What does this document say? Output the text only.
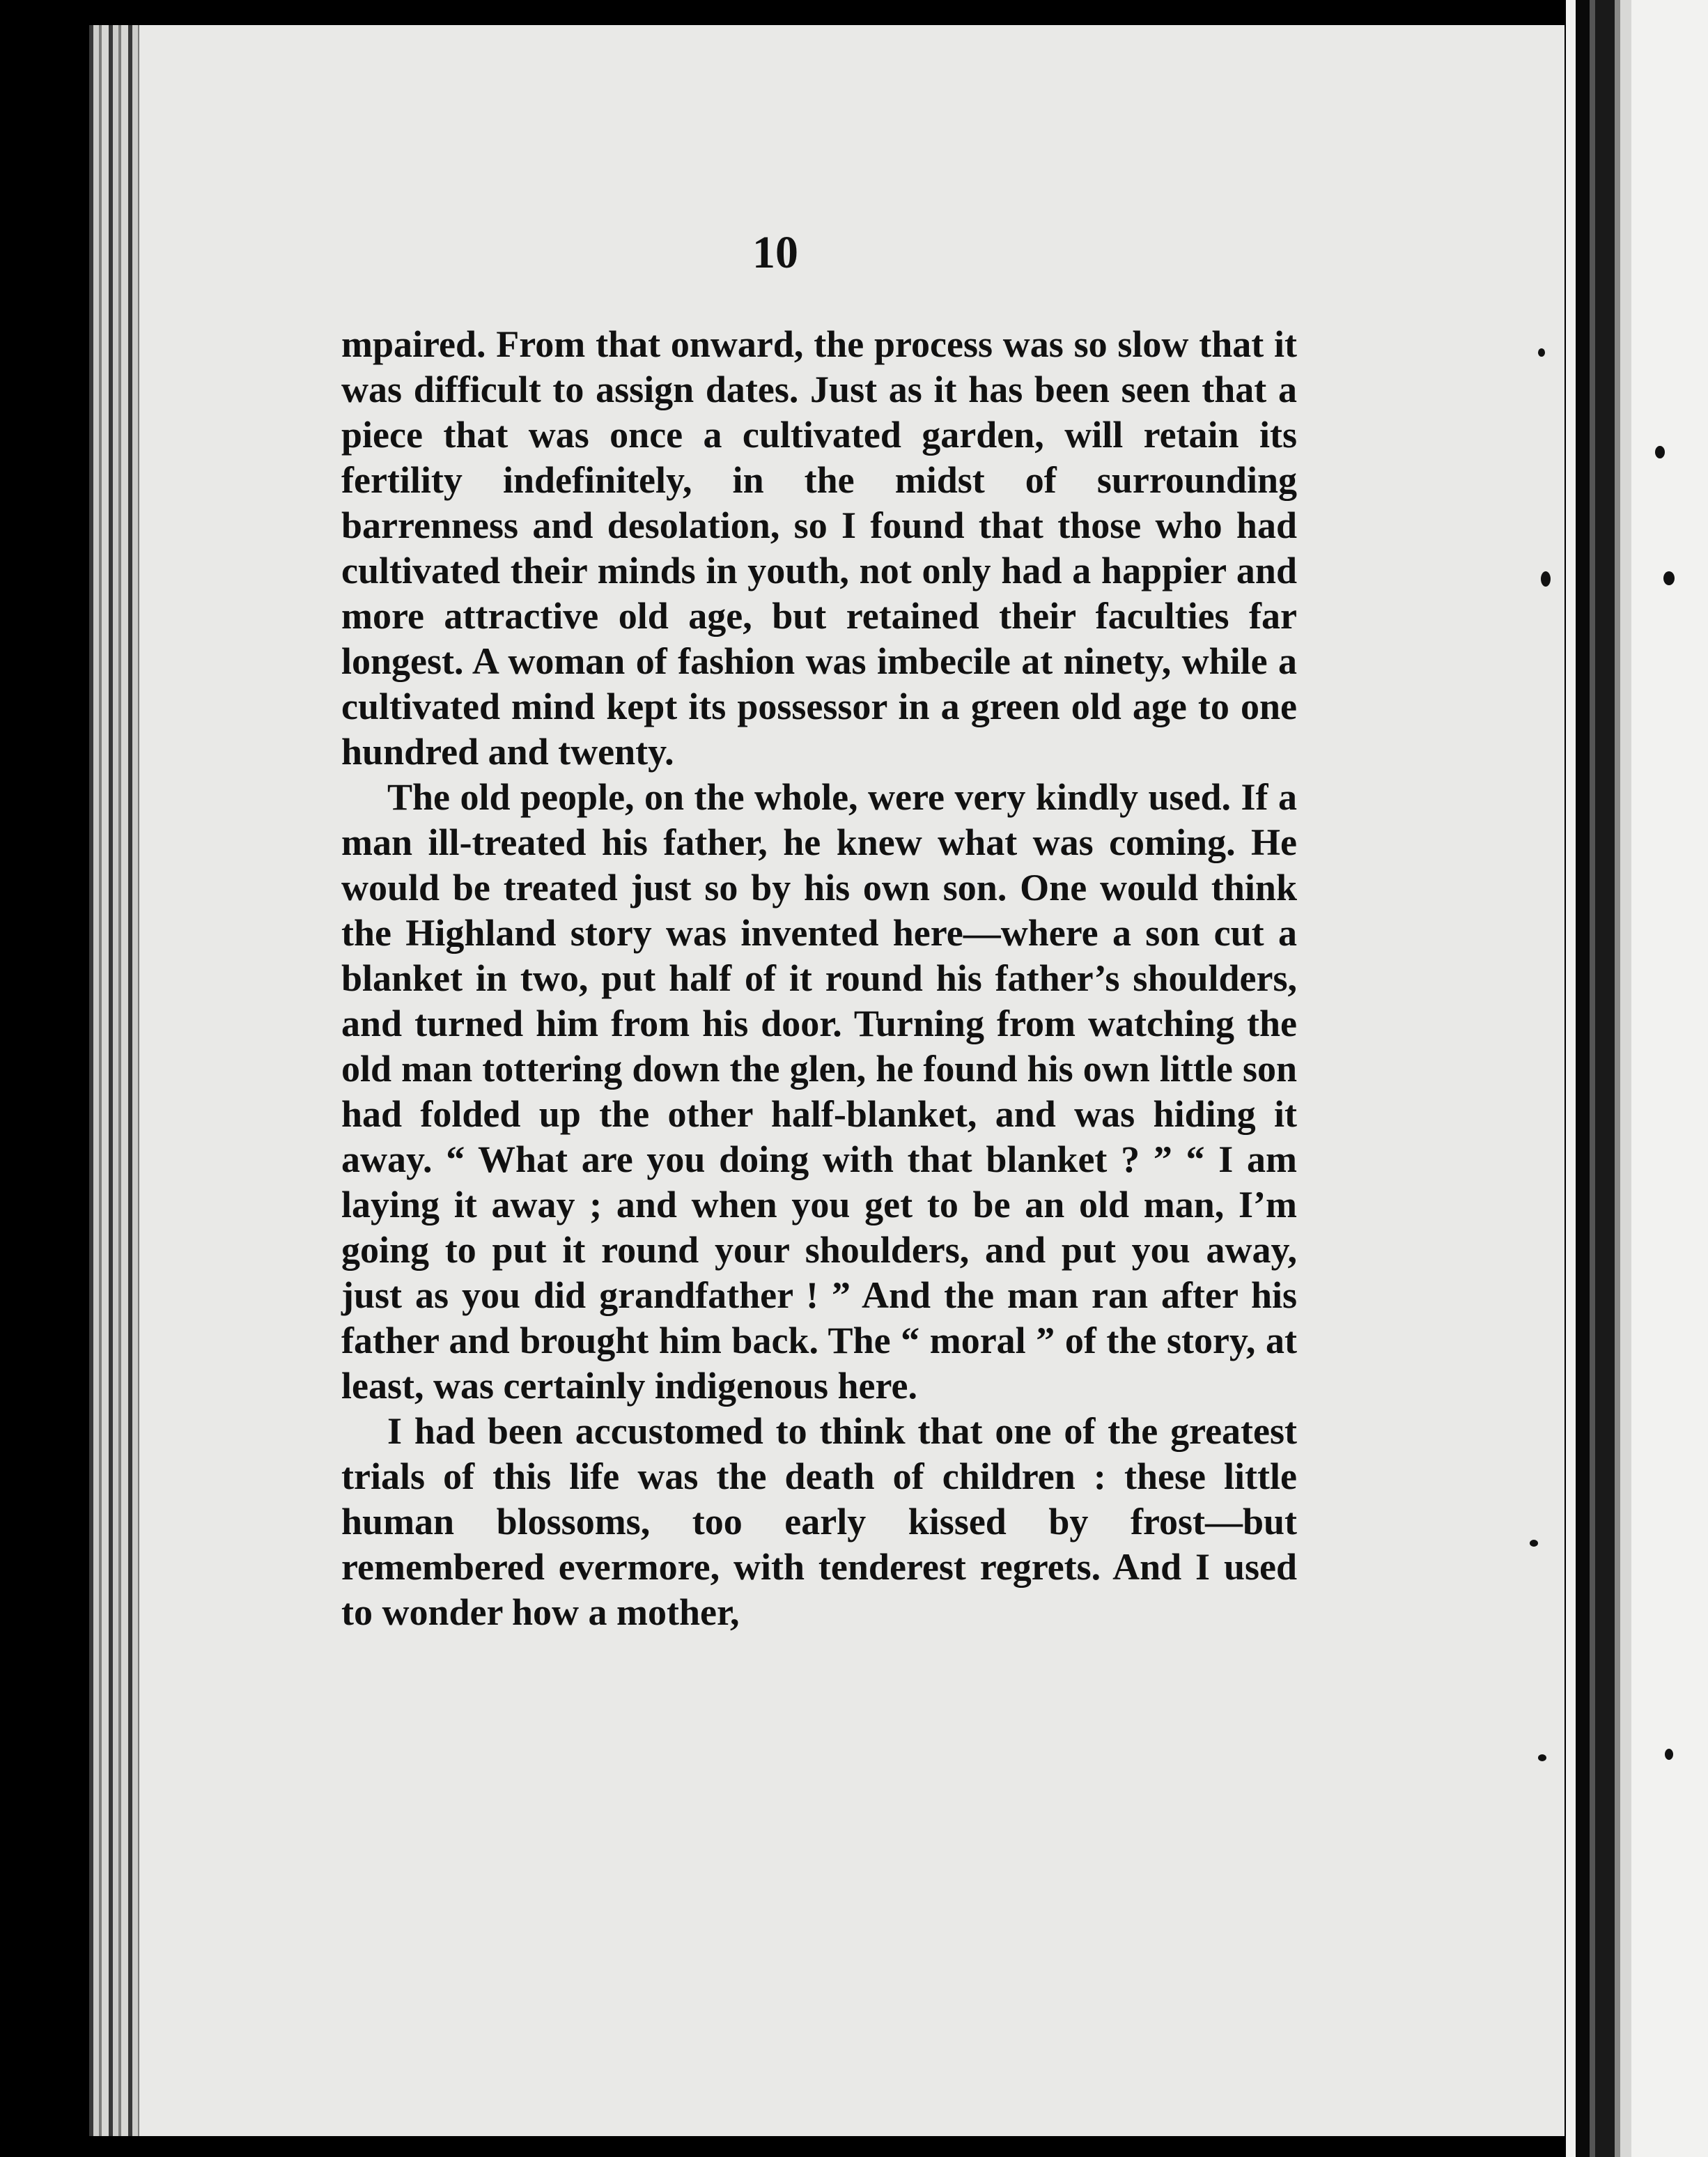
10

mpaired. From that onward, the process was so slow that it was difficult to assign dates. Just as it has been seen that a piece that was once a cultivated garden, will retain its fertility indefinitely, in the midst of surrounding barrenness and desolation, so I found that those who had cultivated their minds in youth, not only had a happier and more attractive old age, but retained their faculties far longest. A woman of fashion was imbecile at ninety, while a cultivated mind kept its possessor in a green old age to one hundred and twenty.

The old people, on the whole, were very kindly used. If a man ill-treated his father, he knew what was coming. He would be treated just so by his own son. One would think the Highland story was invented here—where a son cut a blanket in two, put half of it round his father’s shoulders, and turned him from his door. Turning from watching the old man tottering down the glen, he found his own little son had folded up the other half-blanket, and was hiding it away. “ What are you doing with that blanket ? ” “ I am laying it away ; and when you get to be an old man, I’m going to put it round your shoulders, and put you away, just as you did grandfather ! ” And the man ran after his father and brought him back. The “ moral ” of the story, at least, was certainly indigenous here.

I had been accustomed to think that one of the greatest trials of this life was the death of children : these little human blossoms, too early kissed by frost—but remembered evermore, with tenderest regrets. And I used to wonder how a mother,
